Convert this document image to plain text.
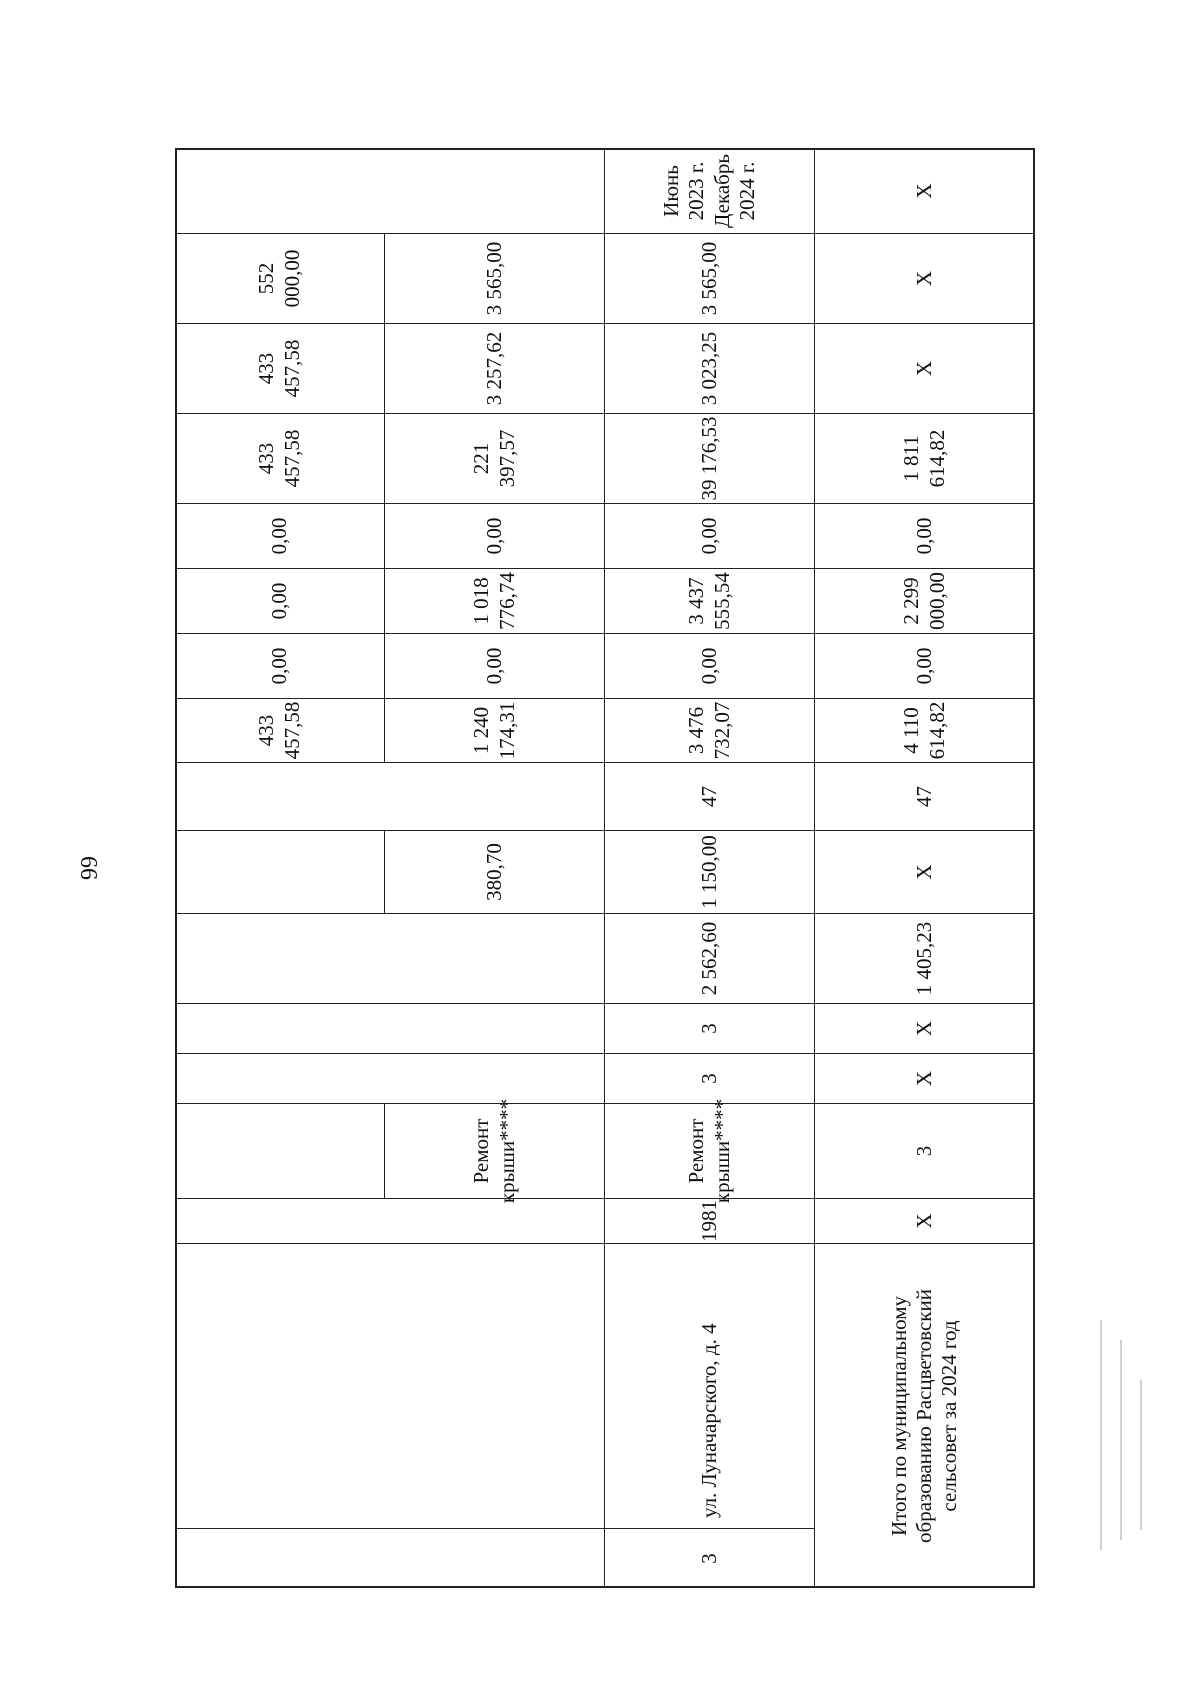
66
433 457,58
0,00
0,00
0,00
433 457,58
433 457,58
552 000,00
Ремонт крыши****
380,70
1 240 174,31
0,00
1 018 776,74
0,00
221 397,57
3 257,62
3 565,00
3
ул. Луначарского, д. 4
1981
Ремонт крыши****
3
3
2 562,60
1 150,00
47
3 476 732,07
0,00
3 437 555,54
0,00
39 176,53
3 023,25
3 565,00
Июнь 2023 г. Декабрь 2024 г.
Итого по муниципальному образованию Расцветовский сельсовет за 2024 год
Х
3
Х
Х
1 405,23
Х
47
4 110 614,82
0,00
2 299 000,00
0,00
1 811 614,82
Х
Х
Х
